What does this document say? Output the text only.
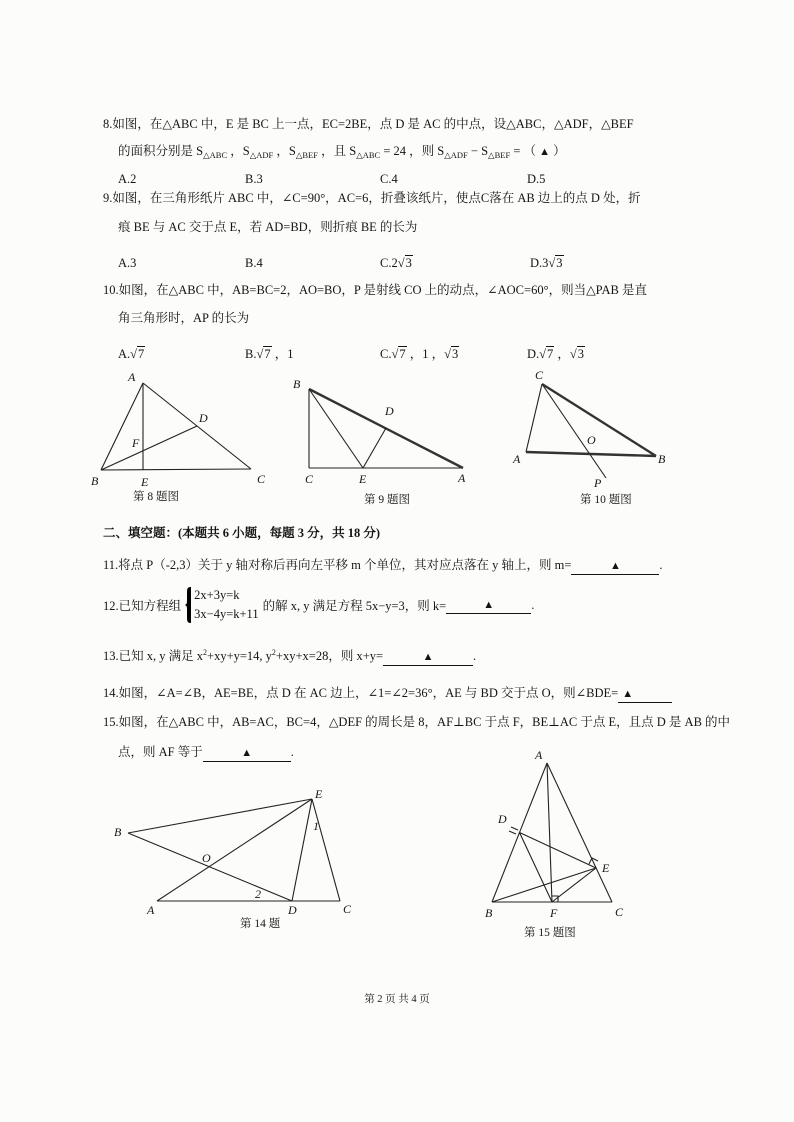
8.如图，在△ABC 中，E 是 BC 上一点，EC=2BE，点 D 是 AC 的中点，设△ABC，△ADF，△BEF
的面积分别是 $S_{\triangle ABC}$ ，$S_{\triangle ADF}$ ，$S_{\triangle BEF}$ ，且 $S_{\triangle ABC} = 24$ ，则 $S_{\triangle ADF} - S_{\triangle BEF}$ = （ ▲ ）
A.2	B.3	C.4	D.5
9.如图，在三角形纸片 ABC 中，∠C=90°，AC=6，折叠该纸片，使点C落在 AB 边上的点 D 处，折
痕 BE 与 AC 交于点 E，若 AD=BD，则折痕 BE 的长为
A.3	B.4	C.2√3	D.3√3
10.如图，在△ABC 中，AB=BC=2，AO=BO，P 是射线 CO 上的动点，∠AOC=60°，则当△PAB 是直
角三角形时，AP 的长为
A.√7	B.√7 ，1	C.√7 ，1 ，√3	D.√7 ，√3
A
B	C
D
E
F
第 8 题图
B
C	E	A
D
第 9 题图
C
A	B
O
P
第 10 题图
二、填空题：(本题共 6 小题，每题 3 分，共 18 分)
11.将点 P（-2,3）关于 y 轴对称后再向左平移 m 个单位，其对应点落在 y 轴上，则 m=	▲	.
12.已知方程组
2x+3y=k
3x−4y=k+11
的解 x, y 满足方程 5x−y=3，则 k=	▲	.
13.已知 x, y 满足 $x^2+xy+y=14$, $y^2+xy+x=28$，则 x+y=	▲	.
14.如图，∠A=∠B，AE=BE，点 D 在 AC 边上，∠1=∠2=36°，AE 与 BD 交于点 O，则∠BDE= ▲
15.如图，在△ABC 中，AB=AC，BC=4，△DEF 的周长是 8，AF⊥BC 于点 F，BE⊥AC 于点 E，且点 D 是 AB 的中
点，则 AF 等于	▲	.
B
E
O
A	D	C
1
2
第 14 题
A
D
E
B	F	C
第 15 题图
第 2 页 共 4 页
